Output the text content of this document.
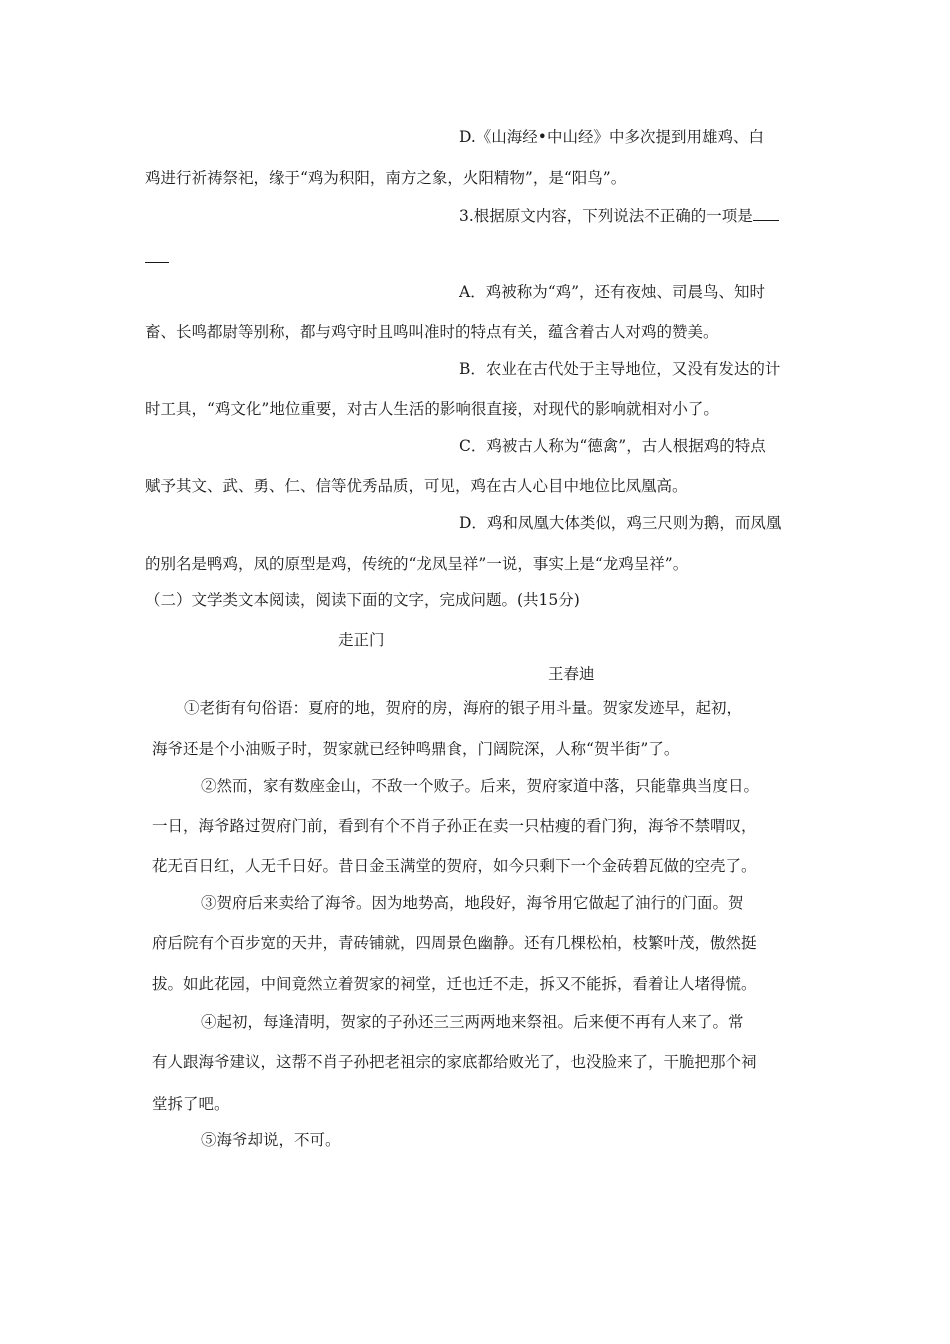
D.《山海经•中山经》中多次提到用雄鸡、白
鸡进行祈祷祭祀，缘于“鸡为积阳，南方之象，火阳精物”，是“阳鸟”。
3.根据原文内容，下列说法不正确的一项是
A．鸡被称为“鸡”，还有夜烛、司晨鸟、知时
畜、长鸣都尉等别称，都与鸡守时且鸣叫准时的特点有关，蕴含着古人对鸡的赞美。
B．农业在古代处于主导地位，又没有发达的计
时工具，“鸡文化”地位重要，对古人生活的影响很直接，对现代的影响就相对小了。
C．鸡被古人称为“德禽”，古人根据鸡的特点
赋予其文、武、勇、仁、信等优秀品质，可见，鸡在古人心目中地位比凤凰高。
D．鸡和凤凰大体类似，鸡三尺则为鹅，而凤凰
的别名是鸭鸡，凤的原型是鸡，传统的“龙凤呈祥”一说，事实上是“龙鸡呈祥”。
（二）文学类文本阅读，阅读下面的文字，完成问题。(共15分)
走正门
王春迪
①老街有句俗语：夏府的地，贺府的房，海府的银子用斗量。贺家发迹早，起初，
海爷还是个小油贩子时，贺家就已经钟鸣鼎食，门阔院深，人称“贺半街”了。
②然而，家有数座金山，不敌一个败子。后来，贺府家道中落，只能靠典当度日。
一日，海爷路过贺府门前，看到有个不肖子孙正在卖一只枯瘦的看门狗，海爷不禁喟叹，
花无百日红，人无千日好。昔日金玉满堂的贺府，如今只剩下一个金砖碧瓦做的空壳了。
③贺府后来卖给了海爷。因为地势高，地段好，海爷用它做起了油行的门面。贺
府后院有个百步宽的天井，青砖铺就，四周景色幽静。还有几棵松柏，枝繁叶茂，傲然挺
拔。如此花园，中间竟然立着贺家的祠堂，迁也迁不走，拆又不能拆，看着让人堵得慌。
④起初，每逢清明，贺家的子孙还三三两两地来祭祖。后来便不再有人来了。常
有人跟海爷建议，这帮不肖子孙把老祖宗的家底都给败光了，也没脸来了，干脆把那个祠
堂拆了吧。
⑤海爷却说，不可。
